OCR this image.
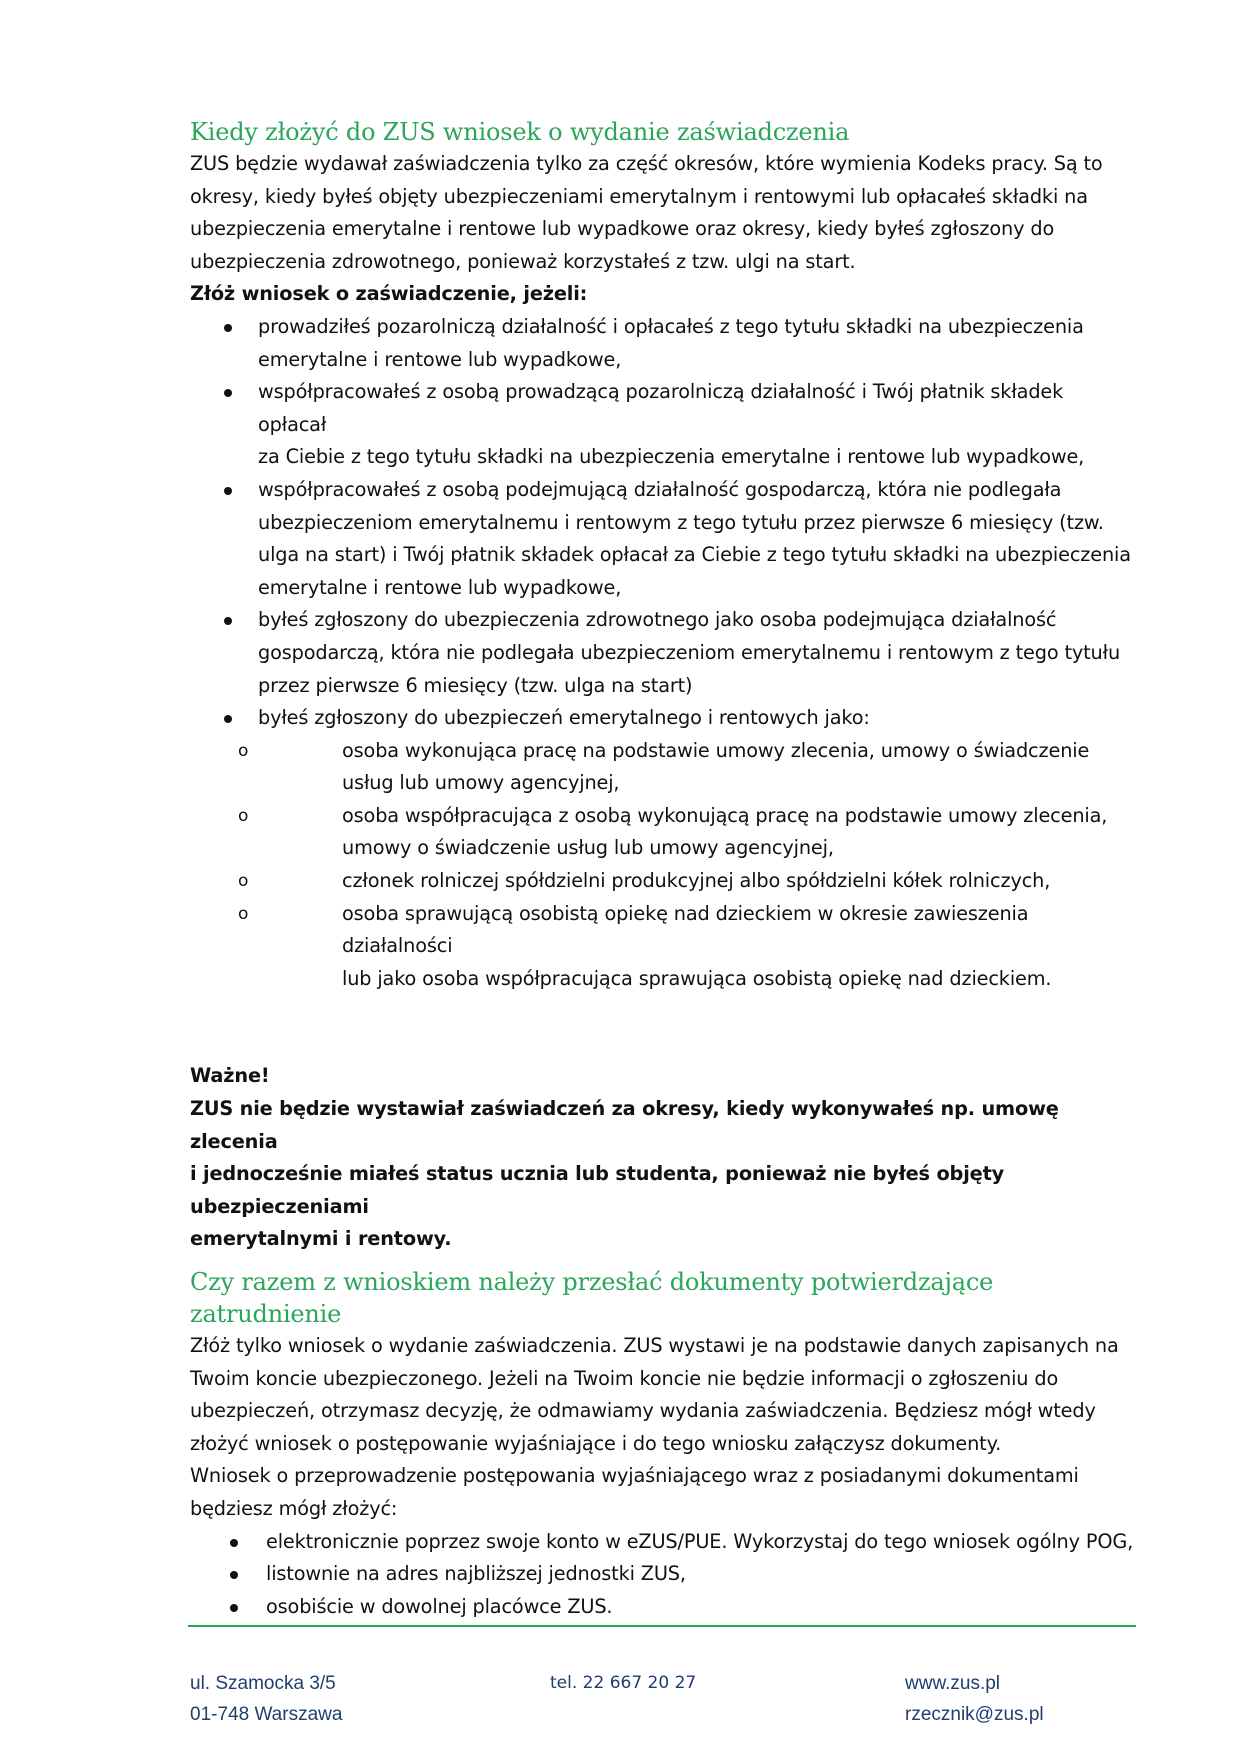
Kiedy złożyć do ZUS wniosek o wydanie zaświadczenia

ZUS będzie wydawał zaświadczenia tylko za część okresów, które wymienia Kodeks pracy. Są to

okresy, kiedy byłeś objęty ubezpieczeniami emerytalnym i rentowymi lub opłacałeś składki na

ubezpieczenia emerytalne i rentowe lub wypadkowe oraz okresy, kiedy byłeś zgłoszony do

ubezpieczenia zdrowotnego, ponieważ korzystałeś z tzw. ulgi na start.

Złóż wniosek o zaświadczenie, jeżeli:

prowadziłeś pozarolniczą działalność i opłacałeś z tego tytułu składki na ubezpieczenia
emerytalne i rentowe lub wypadkowe,
współpracowałeś z osobą prowadzącą pozarolniczą działalność i Twój płatnik składek opłacał
za Ciebie z tego tytułu składki na ubezpieczenia emerytalne i rentowe lub wypadkowe,
współpracowałeś z osobą podejmującą działalność gospodarczą, która nie podlegała
ubezpieczeniom emerytalnemu i rentowym z tego tytułu przez pierwsze 6 miesięcy (tzw.
ulga na start) i Twój płatnik składek opłacał za Ciebie z tego tytułu składki na ubezpieczenia
emerytalne i rentowe lub wypadkowe,
byłeś zgłoszony do ubezpieczenia zdrowotnego jako osoba podejmująca działalność
gospodarczą, która nie podlegała ubezpieczeniom emerytalnemu i rentowym z tego tytułu
przez pierwsze 6 miesięcy (tzw. ulga na start)
byłeś zgłoszony do ubezpieczeń emerytalnego i rentowych jako:
o	osoba wykonująca pracę na podstawie umowy zlecenia, umowy o świadczenie
usług lub umowy agencyjnej,
o	osoba współpracująca z osobą wykonującą pracę na podstawie umowy zlecenia,
umowy o świadczenie usług lub umowy agencyjnej,
o	członek rolniczej spółdzielni produkcyjnej albo spółdzielni kółek rolniczych,
o	osoba sprawującą osobistą opiekę nad dzieckiem w okresie zawieszenia działalności
lub jako osoba współpracująca sprawująca osobistą opiekę nad dzieckiem.

Ważne!

ZUS nie będzie wystawiał zaświadczeń za okresy, kiedy wykonywałeś np. umowę zlecenia

i jednocześnie miałeś status ucznia lub studenta, ponieważ nie byłeś objęty ubezpieczeniami

emerytalnymi i rentowy.

Czy razem z wnioskiem należy przesłać dokumenty potwierdzające zatrudnienie

Złóż tylko wniosek o wydanie zaświadczenia. ZUS wystawi je na podstawie danych zapisanych na

Twoim koncie ubezpieczonego. Jeżeli na Twoim koncie nie będzie informacji o zgłoszeniu do

ubezpieczeń, otrzymasz decyzję, że odmawiamy wydania zaświadczenia. Będziesz mógł wtedy

złożyć wniosek o postępowanie wyjaśniające i do tego wniosku załączysz dokumenty.

Wniosek o przeprowadzenie postępowania wyjaśniającego wraz z posiadanymi dokumentami

będziesz mógł złożyć:

elektronicznie poprzez swoje konto w eZUS/PUE. Wykorzystaj do tego wniosek ogólny POG,
listownie na adres najbliższej jednostki ZUS,
osobiście w dowolnej placówce ZUS.
ul. Szamocka 3/5
01-748 Warszawa
tel. 22 667 20 27	www.zus.pl
rzecznik@zus.pl
